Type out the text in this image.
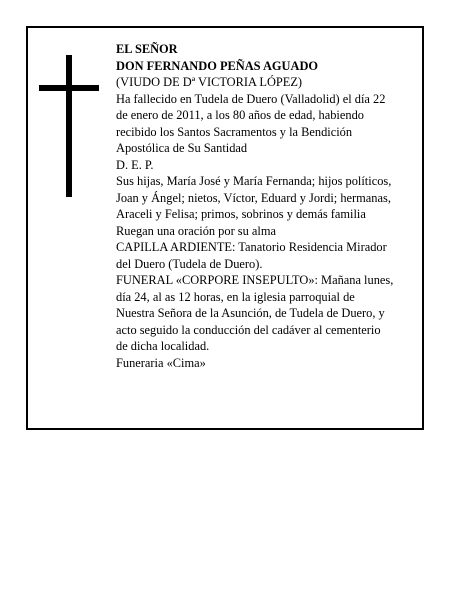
EL SEÑOR
DON FERNANDO PEÑAS AGUADO
(VIUDO DE Dª VICTORIA LÓPEZ)
Ha fallecido en Tudela de Duero (Valladolid) el día 22
de enero de 2011, a los 80 años de edad, habiendo
recibido los Santos Sacramentos y la Bendición
Apostólica de Su Santidad
D. E. P.
Sus hijas, María José y María Fernanda; hijos políticos,
Joan y Ángel; nietos, Víctor, Eduard y Jordi; hermanas,
Araceli y Felisa; primos, sobrinos y demás familia
Ruegan una oración por su alma
CAPILLA ARDIENTE: Tanatorio Residencia Mirador
del Duero (Tudela de Duero).
FUNERAL «CORPORE INSEPULTO»: Mañana lunes,
día 24, al as 12 horas, en la iglesia parroquial de
Nuestra Señora de la Asunción, de Tudela de Duero, y
acto seguido la conducción del cadáver al cementerio
de dicha localidad.
Funeraria «Cima»
